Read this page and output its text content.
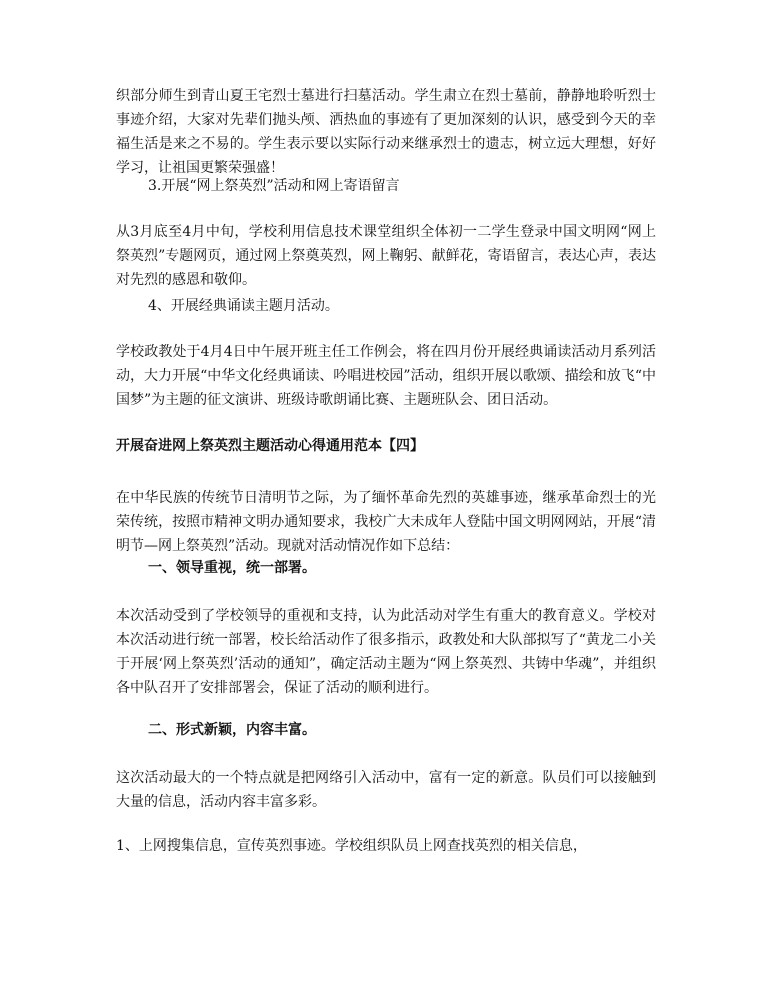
织部分师生到青山夏王宅烈士墓进行扫墓活动。学生肃立在烈士墓前，静静地聆听烈士事迹介绍，大家对先辈们抛头颅、洒热血的事迹有了更加深刻的认识，感受到今天的幸福生活是来之不易的。学生表示要以实际行动来继承烈士的遗志，树立远大理想，好好学习，让祖国更繁荣强盛！

3.开展“网上祭英烈”活动和网上寄语留言

从3月底至4月中旬，学校利用信息技术课堂组织全体初一二学生登录中国文明网“网上祭英烈”专题网页，通过网上祭奠英烈，网上鞠躬、献鲜花，寄语留言，表达心声，表达对先烈的感恩和敬仰。

4、开展经典诵读主题月活动。

学校政教处于4月4日中午展开班主任工作例会，将在四月份开展经典诵读活动月系列活动，大力开展“中华文化经典诵读、吟唱进校园”活动，组织开展以歌颂、描绘和放飞“中国梦”为主题的征文演讲、班级诗歌朗诵比赛、主题班队会、团日活动。

开展奋进网上祭英烈主题活动心得通用范本【四】

在中华民族的传统节日清明节之际，为了缅怀革命先烈的英雄事迹，继承革命烈士的光荣传统，按照市精神文明办通知要求，我校广大未成年人登陆中国文明网网站，开展“清明节—网上祭英烈”活动。现就对活动情况作如下总结：

一、领导重视，统一部署。

本次活动受到了学校领导的重视和支持，认为此活动对学生有重大的教育意义。学校对本次活动进行统一部署，校长给活动作了很多指示，政教处和大队部拟写了“黄龙二小关于开展‘网上祭英烈’活动的通知”，确定活动主题为“网上祭英烈、共铸中华魂”，并组织各中队召开了安排部署会，保证了活动的顺利进行。

二、形式新颖，内容丰富。

这次活动最大的一个特点就是把网络引入活动中，富有一定的新意。队员们可以接触到大量的信息，活动内容丰富多彩。

1、上网搜集信息，宣传英烈事迹。学校组织队员上网查找英烈的相关信息，
